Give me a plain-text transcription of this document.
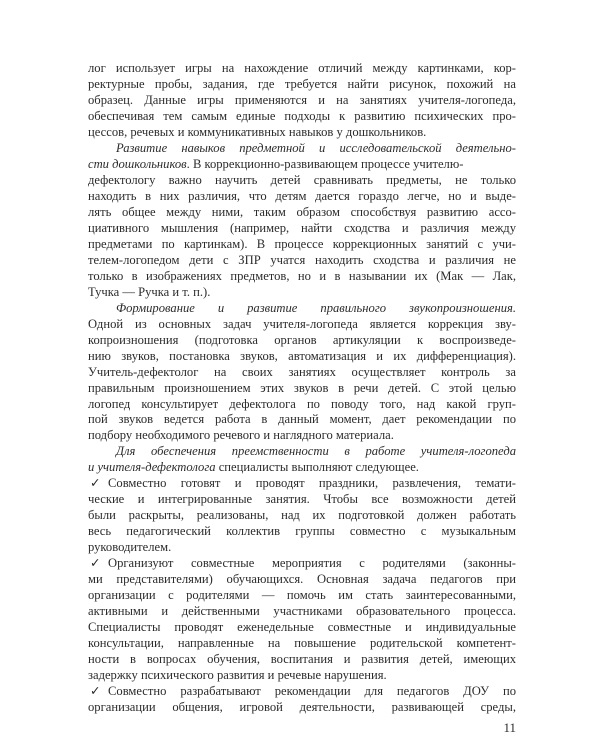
лог использует игры на нахождение отличий между картинками, кор-
ректурные пробы, задания, где требуется найти рисунок, похожий на
образец. Данные игры применяются и на занятиях учителя-логопеда,
обеспечивая тем самым единые подходы к развитию психических про-
цессов, речевых и коммуникативных навыков у дошкольников.
Развитие навыков предметной и исследовательской деятельно-
сти дошкольников. В коррекционно-развивающем процессе учителю-
дефектологу важно научить детей сравнивать предметы, не только
находить в них различия, что детям дается гораздо легче, но и выде-
лять общее между ними, таким образом способствуя развитию ассо-
циативного мышления (например, найти сходства и различия между
предметами по картинкам). В процессе коррекционных занятий с учи-
телем-логопедом дети с ЗПР учатся находить сходства и различия не
только в изображениях предметов, но и в назывании их (Мак — Лак,
Тучка — Ручка и т. п.).
Формирование и развитие правильного звукопроизношения.
Одной из основных задач учителя-логопеда является коррекция зву-
копроизношения (подготовка органов артикуляции к воспроизведе-
нию звуков, постановка звуков, автоматизация и их дифференциация).
Учитель-дефектолог на своих занятиях осуществляет контроль за
правильным произношением этих звуков в речи детей. С этой целью
логопед консультирует дефектолога по поводу того, над какой груп-
пой звуков ведется работа в данный момент, дает рекомендации по
подбору необходимого речевого и наглядного материала.
Для обеспечения преемственности в работе учителя-логопеда
и учителя-дефектолога специалисты выполняют следующее.
✓ Совместно готовят и проводят праздники, развлечения, темати-
ческие и интегрированные занятия. Чтобы все возможности детей
были раскрыты, реализованы, над их подготовкой должен работать
весь педагогический коллектив группы совместно с музыкальным
руководителем.
✓ Организуют совместные мероприятия с родителями (законны-
ми представителями) обучающихся. Основная задача педагогов при
организации с родителями — помочь им стать заинтересованными,
11
активными и действенными участниками образовательного процесса.
Специалисты проводят еженедельные совместные и индивидуальные
консультации, направленные на повышение родительской компетент-
ности в вопросах обучения, воспитания и развития детей, имеющих
задержку психического развития и речевые нарушения.
✓ Совместно разрабатывают рекомендации для педагогов ДОУ по
организации общения, игровой деятельности, развивающей среды,
